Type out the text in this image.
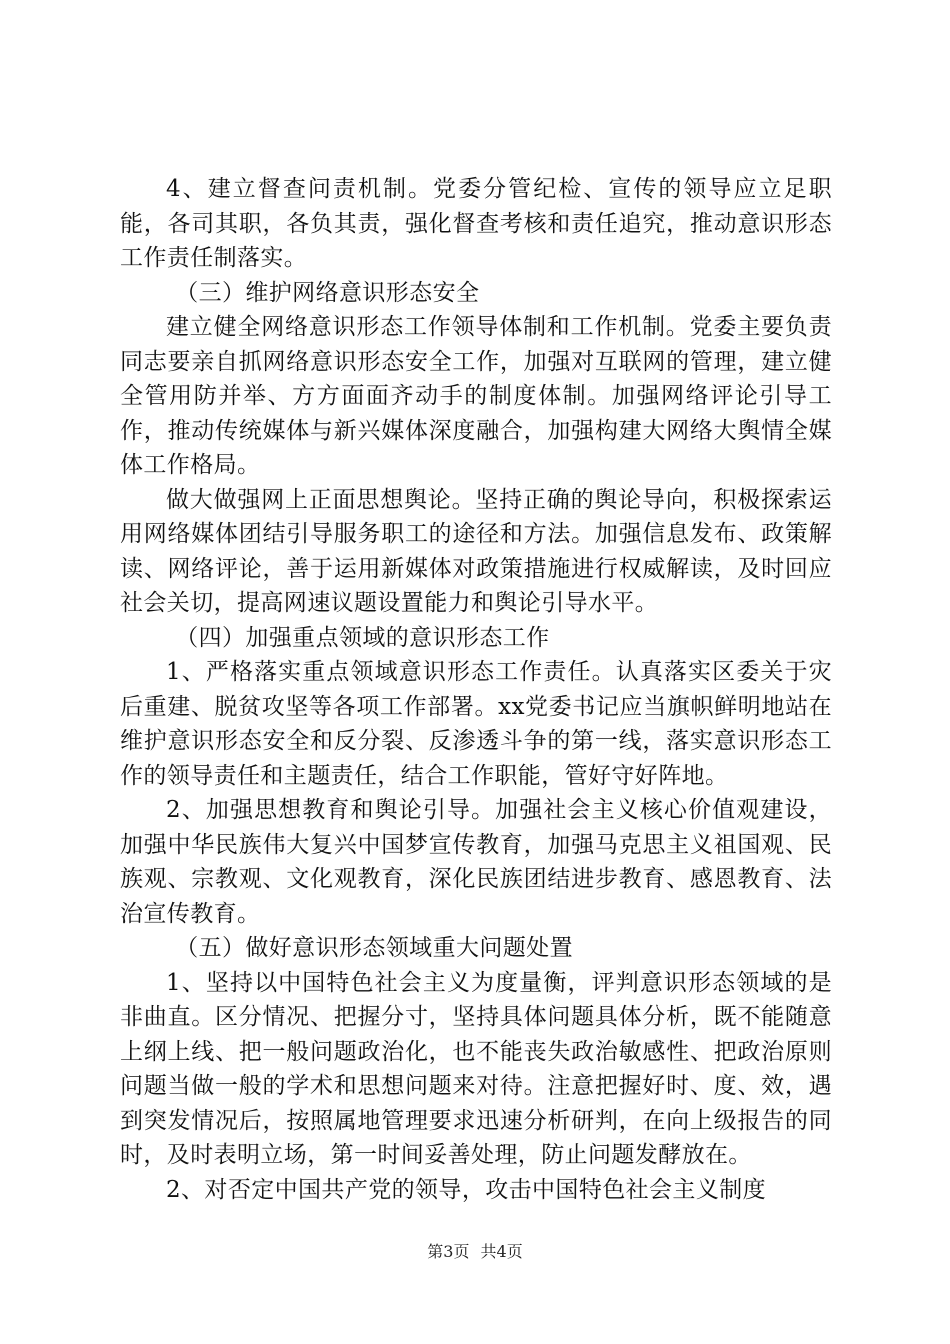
4、建立督查问责机制。党委分管纪检、宣传的领导应立足职能，各司其职，各负其责，强化督查考核和责任追究，推动意识形态工作责任制落实。

（三）维护网络意识形态安全

建立健全网络意识形态工作领导体制和工作机制。党委主要负责同志要亲自抓网络意识形态安全工作，加强对互联网的管理，建立健全管用防并举、方方面面齐动手的制度体制。加强网络评论引导工作，推动传统媒体与新兴媒体深度融合，加强构建大网络大舆情全媒体工作格局。

做大做强网上正面思想舆论。坚持正确的舆论导向，积极探索运用网络媒体团结引导服务职工的途径和方法。加强信息发布、政策解读、网络评论，善于运用新媒体对政策措施进行权威解读，及时回应社会关切，提高网速议题设置能力和舆论引导水平。

（四）加强重点领域的意识形态工作

1、严格落实重点领域意识形态工作责任。认真落实区委关于灾后重建、脱贫攻坚等各项工作部署。xx党委书记应当旗帜鲜明地站在维护意识形态安全和反分裂、反渗透斗争的第一线，落实意识形态工作的领导责任和主题责任，结合工作职能，管好守好阵地。

2、加强思想教育和舆论引导。加强社会主义核心价值观建设，加强中华民族伟大复兴中国梦宣传教育，加强马克思主义祖国观、民族观、宗教观、文化观教育，深化民族团结进步教育、感恩教育、法治宣传教育。

（五）做好意识形态领域重大问题处置

1、坚持以中国特色社会主义为度量衡，评判意识形态领域的是非曲直。区分情况、把握分寸，坚持具体问题具体分析，既不能随意上纲上线、把一般问题政治化，也不能丧失政治敏感性、把政治原则问题当做一般的学术和思想问题来对待。注意把握好时、度、效，遇到突发情况后，按照属地管理要求迅速分析研判，在向上级报告的同时，及时表明立场，第一时间妥善处理，防止问题发酵放在。

2、对否定中国共产党的领导，攻击中国特色社会主义制度

第3页 共4页
